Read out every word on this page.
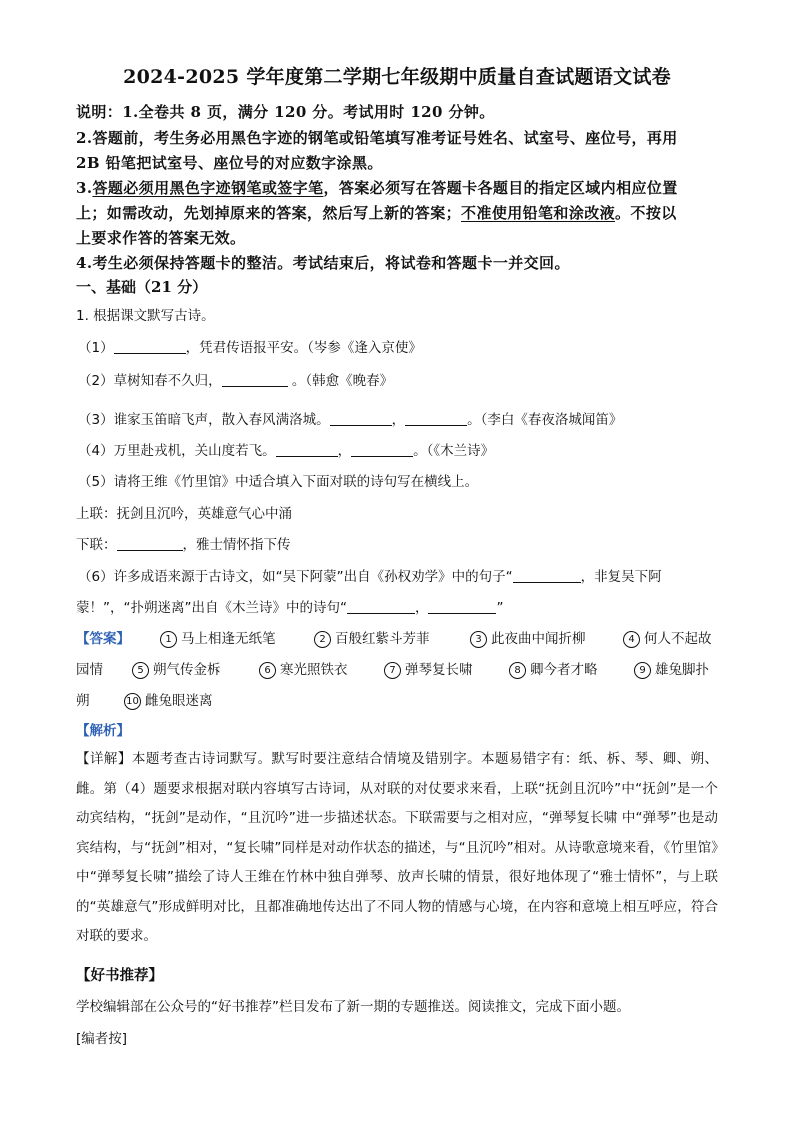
2024-2025 学年度第二学期七年级期中质量自查试题语文试卷
说明：1.全卷共 8 页，满分 120 分。考试用时 120 分钟。
2.答题前，考生务必用黑色字迹的钢笔或铅笔填写准考证号姓名、试室号、座位号，再用
2B 铅笔把试室号、座位号的对应数字涂黑。
3.答题必须用黑色字迹钢笔或签字笔，答案必须写在答题卡各题目的指定区域内相应位置
上；如需改动，先划掉原来的答案，然后写上新的答案；不准使用铅笔和涂改液。不按以
上要求作答的答案无效。
4.考生必须保持答题卡的整洁。考试结束后，将试卷和答题卡一并交回。
一、基础（21 分）
1. 根据课文默写古诗。
（1）	，凭君传语报平安。（岑参《逢入京使》
（2）草树知春不久归，	。（韩愈《晚春》
（3）谁家玉笛暗飞声，散入春风满洛城。	，	。（李白《春夜洛城闻笛》
（4）万里赴戎机，关山度若飞。	，	。（《木兰诗》
（5）请将王维《竹里馆》中适合填入下面对联的诗句写在横线上。
上联：抚剑且沉吟，英雄意气心中涌
下联：	，雅士情怀指下传
（6）许多成语来源于古诗文，如“吴下阿蒙”出自《孙权劝学》中的句子“	，非复吴下阿
蒙！”，“扑朔迷离”出自《木兰诗》中的诗句“	，	”
【答案】	1 马上相逢无纸笔	2 百般红紫斗芳菲	3 此夜曲中闻折柳	4 何人不起故
园情	5 朔气传金柝	6 寒光照铁衣	7 弹琴复长啸	8 卿今者才略	9 雄兔脚扑
朔	10 雌兔眼迷离
【解析】
【详解】本题考查古诗词默写。默写时要注意结合情境及错别字。本题易错字有：纸、柝、琴、卿、朔、雌。第（4）题要求根据对联内容填写古诗词，从对联的对仗要求来看，上联“抚剑且沉吟”中“抚剑”是一个动宾结构，“抚剑”是动作，“且沉吟”进一步描述状态。下联需要与之相对应，“弹琴复长啸 中“弹琴”也是动宾结构，与“抚剑”相对，“复长啸”同样是对动作状态的描述，与“且沉吟”相对。从诗歌意境来看，《竹里馆》中“弹琴复长啸”描绘了诗人王维在竹林中独自弹琴、放声长啸的情景，很好地体现了“雅士情怀”，与上联的“英雄意气”形成鲜明对比，且都准确地传达出了不同人物的情感与心境，在内容和意境上相互呼应，符合对联的要求。
【好书推荐】
学校编辑部在公众号的“好书推荐”栏目发布了新一期的专题推送。阅读推文，完成下面小题。
[编者按]
